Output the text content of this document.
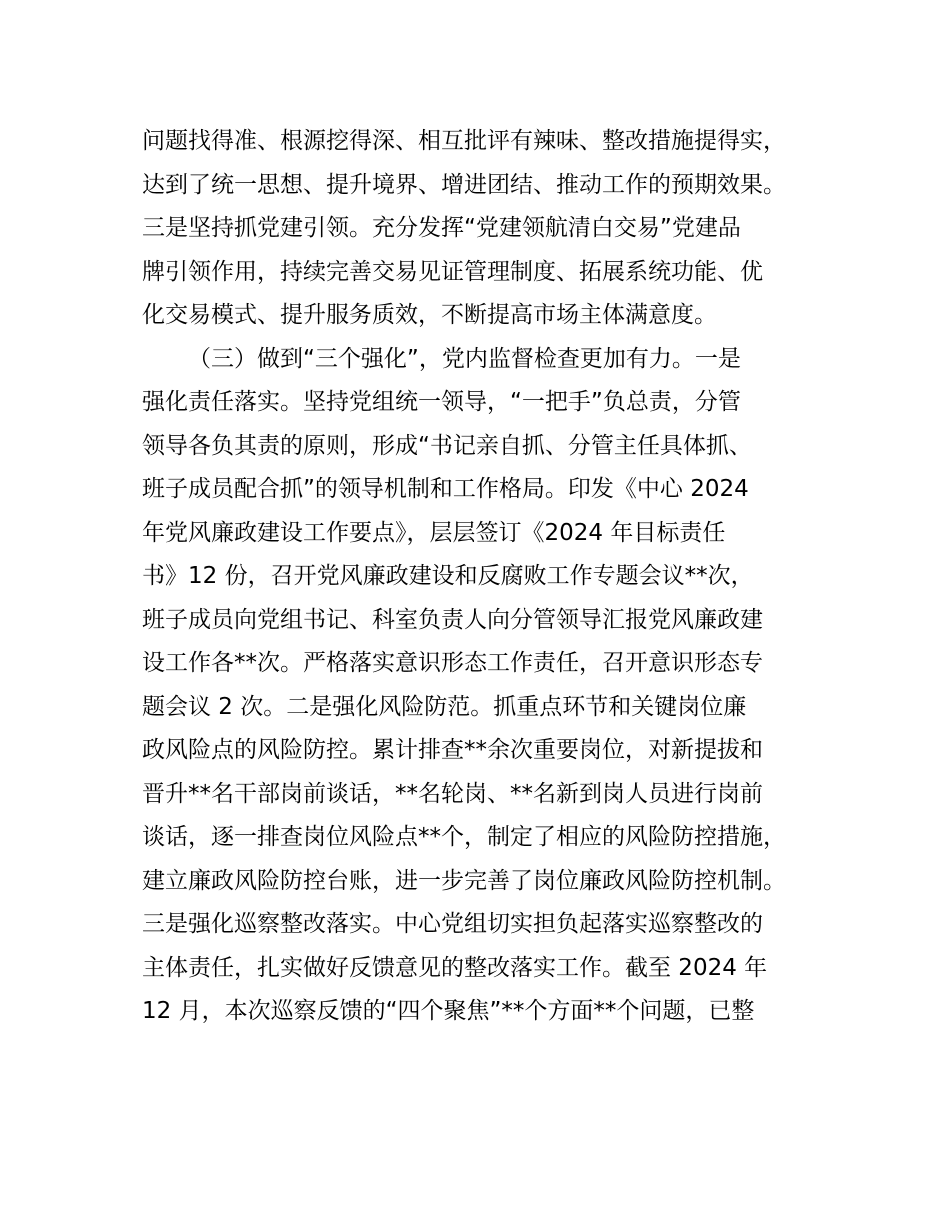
问题找得准、根源挖得深、相互批评有辣味、整改措施提得实，
达到了统一思想、提升境界、增进团结、推动工作的预期效果。
三是坚持抓党建引领。充分发挥“党建领航清白交易”党建品
牌引领作用，持续完善交易见证管理制度、拓展系统功能、优
化交易模式、提升服务质效，不断提高市场主体满意度。
（三）做到“三个强化”，党内监督检查更加有力。一是
强化责任落实。坚持党组统一领导，“一把手”负总责，分管
领导各负其责的原则，形成“书记亲自抓、分管主任具体抓、
班子成员配合抓”的领导机制和工作格局。印发《中心 2024
年党风廉政建设工作要点》，层层签订《2024 年目标责任
书》12 份，召开党风廉政建设和反腐败工作专题会议**次，
班子成员向党组书记、科室负责人向分管领导汇报党风廉政建
设工作各**次。严格落实意识形态工作责任，召开意识形态专
题会议 2 次。二是强化风险防范。抓重点环节和关键岗位廉
政风险点的风险防控。累计排查**余次重要岗位，对新提拔和
晋升**名干部岗前谈话，**名轮岗、**名新到岗人员进行岗前
谈话，逐一排查岗位风险点**个，制定了相应的风险防控措施，
建立廉政风险防控台账，进一步完善了岗位廉政风险防控机制。
三是强化巡察整改落实。中心党组切实担负起落实巡察整改的
主体责任，扎实做好反馈意见的整改落实工作。截至 2024 年
12 月，本次巡察反馈的“四个聚焦”**个方面**个问题，已整
